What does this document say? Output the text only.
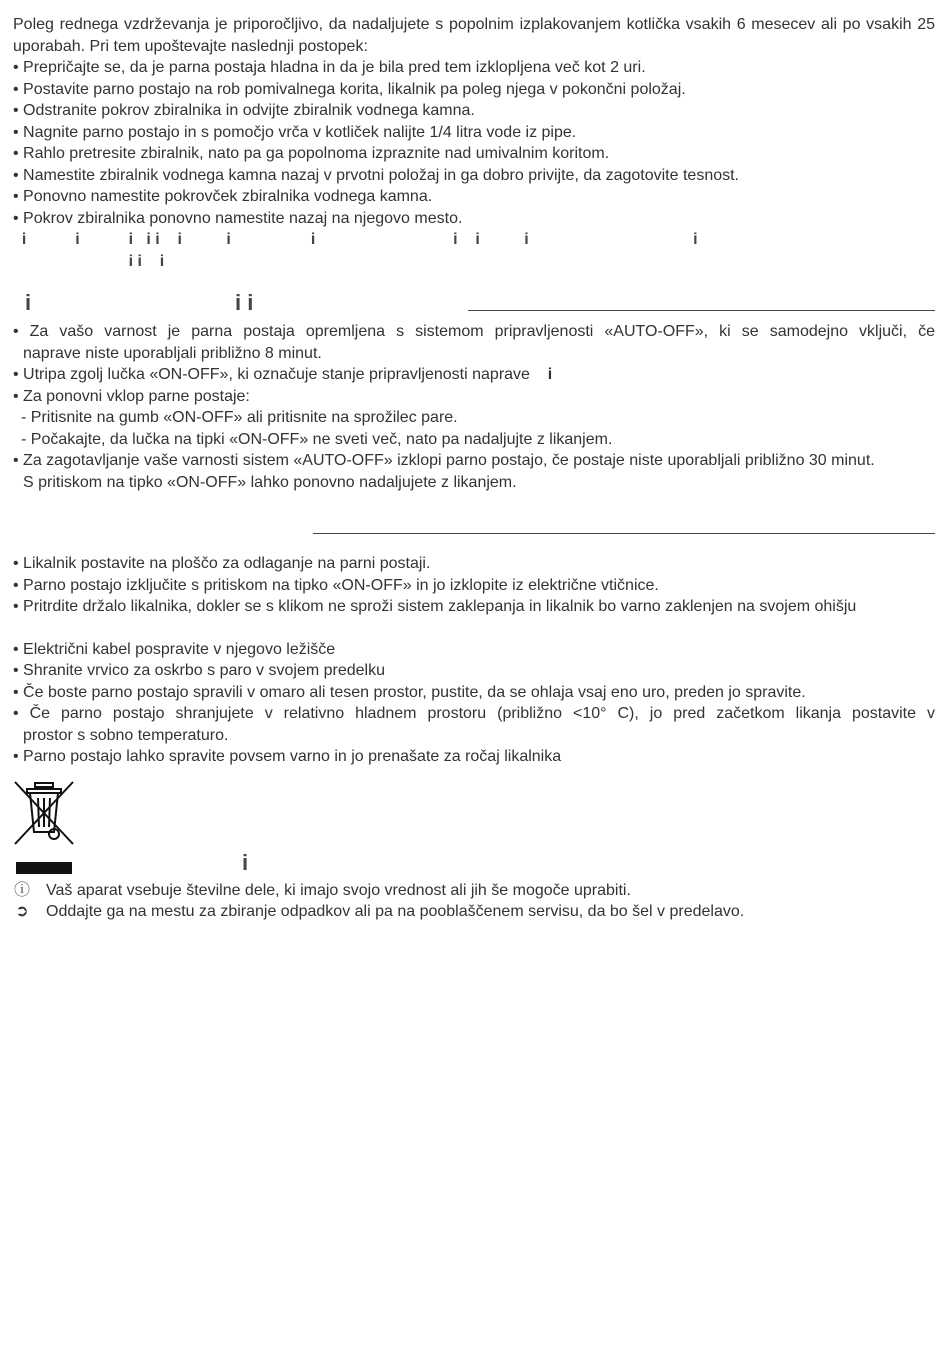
Poleg rednega vzdrževanja je priporočljivo, da nadaljujete s popolnim izplakovanjem kotlička vsakih 6 mesecev ali po vsakih 25 uporabah. Pri tem upoštevajte naslednji postopek:

• Prepričajte se, da je parna postaja hladna in da je bila pred tem izklopljena več kot 2 uri.

• Postavite parno postajo na rob pomivalnega korita, likalnik pa poleg njega v pokončni položaj.

• Odstranite pokrov zbiralnika in odvijte zbiralnik vodnega kamna.

• Nagnite parno postajo in s pomočjo vrča v kotliček nalijte 1/4 litra vode iz pipe.

• Rahlo pretresite zbiralnik, nato pa ga popolnoma izpraznite nad umivalnim koritom.

• Namestite zbiralnik vodnega kamna nazaj v prvotni položaj in ga dobro privijte, da zagotovite tesnost.

• Ponovno namestite pokrovček zbiralnika vodnega kamna.

• Pokrov zbiralnika ponovno namestite nazaj na njegovo mesto.

i           i           i   i i    i          i                  i                               i    i          i                                     i
i i    i
i	i i

• Za vašo varnost je parna postaja opremljena s sistemom pripravljenosti «AUTO-OFF», ki se samodejno vključi, če

naprave niste uporabljali približno 8 minut.

• Utripa zgolj lučka «ON-OFF», ki označuje stanje pripravljenosti naprave i

• Za ponovni vklop parne postaje:

- Pritisnite na gumb «ON-OFF» ali pritisnite na sprožilec pare.

- Počakajte, da lučka na tipki «ON-OFF» ne sveti več, nato pa nadaljujte z likanjem.

• Za zagotavljanje vaše varnosti sistem «AUTO-OFF» izklopi parno postajo, če postaje niste uporabljali približno 30 minut.

S pritiskom na tipko «ON-OFF» lahko ponovno nadaljujete z likanjem.

• Likalnik postavite na ploščo za odlaganje na parni postaji.

• Parno postajo izključite s pritiskom na tipko «ON-OFF» in jo izklopite iz električne vtičnice.

• Pritrdite držalo likalnika, dokler se s klikom ne sproži sistem zaklepanja in likalnik bo varno zaklenjen na svojem ohišju

• Električni kabel pospravite v njegovo ležišče

• Shranite vrvico za oskrbo s paro v svojem predelku

• Če boste parno postajo spravili v omaro ali tesen prostor, pustite, da se ohlaja vsaj eno uro, preden jo spravite.

• Če parno postajo shranjujete v relativno hladnem prostoru (približno <10° C), jo pred začetkom likanja postavite v

prostor s sobno temperaturo.

• Parno postajo lahko spravite povsem varno in jo prenašate za ročaj likalnika

i
ⓘ Vaš aparat vsebuje številne dele, ki imajo svojo vrednost ali jih še mogoče uprabiti.
➲ Oddajte ga na mestu za zbiranje odpadkov ali pa na pooblaščenem servisu, da bo šel v predelavo.
